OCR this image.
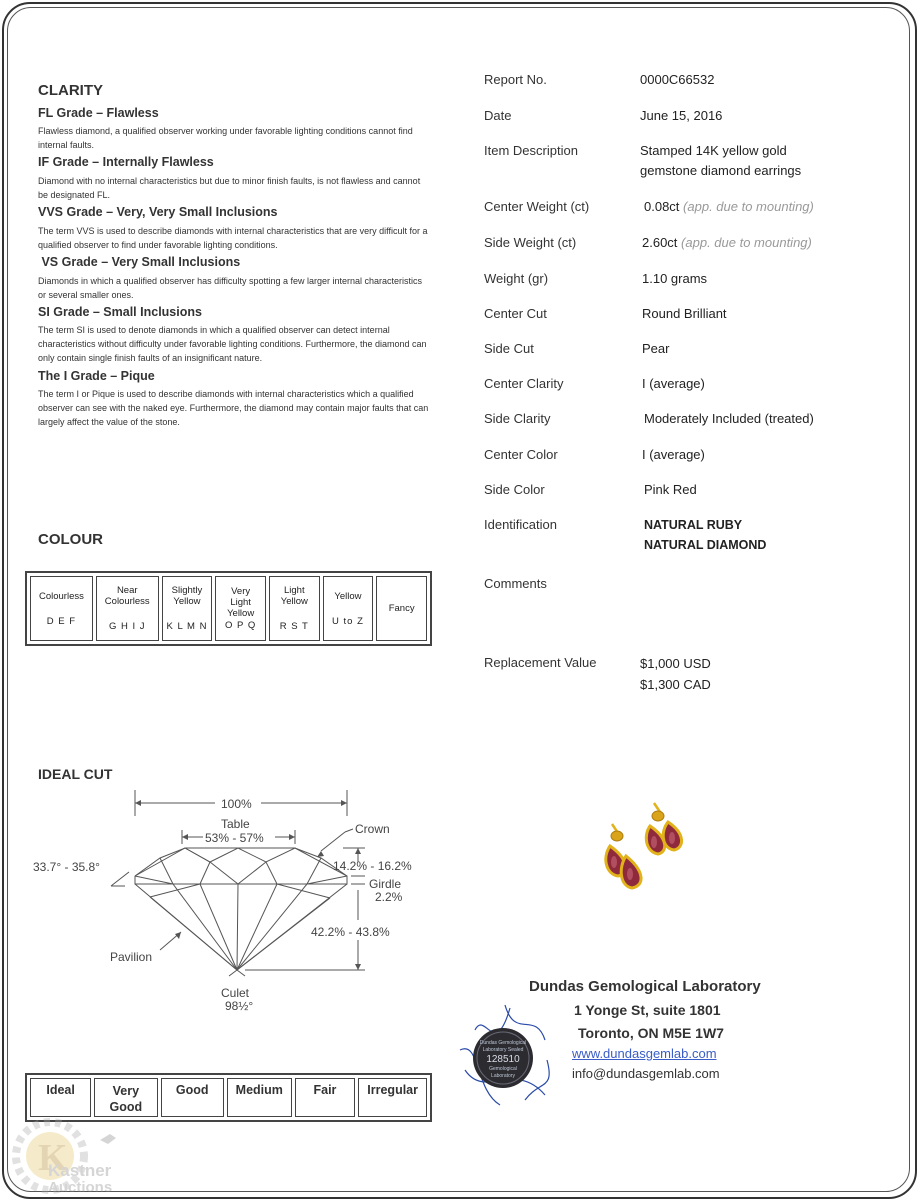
CLARITY
FL Grade – Flawless
Flawless diamond, a qualified observer working under favorable lighting conditions cannot find internal faults.
IF Grade – Internally Flawless
Diamond with no internal characteristics but due to minor finish faults, is not flawless and cannot be designated FL.
VVS Grade – Very, Very Small Inclusions
The term VVS is used to describe diamonds with internal characteristics that are very difficult for a qualified observer to find under favorable lighting conditions.
VS Grade – Very Small Inclusions
Diamonds in which a qualified observer has difficulty spotting a few larger internal characteristics or several smaller ones.
SI Grade – Small Inclusions
The term SI is used to denote diamonds in which a qualified observer can detect internal characteristics without difficulty under favorable lighting conditions. Furthermore, the diamond can only contain single finish faults of an insignificant nature.
The I Grade – Pique
The term I or Pique is used to describe diamonds with internal characteristics which a qualified observer can see with the naked eye. Furthermore, the diamond may contain major faults that can largely affect the value of the stone.
COLOUR
Colourless
D E F

Near
Colourless
G H I J

Slightly
Yellow
K L M N

Very
Light
Yellow
O P Q

Light
Yellow
R S T

Yellow
U to Z

Fancy
IDEAL CUT
100%
Table
53% - 57%
Crown
33.7° - 35.8°	14.2% - 16.2%
Girdle
2.2%
42.2% - 43.8%
Pavilion
Culet
98½°
Ideal	Very
Good	Good	Medium	Fair	Irregular
Report No.	0000C66532
Date	June 15, 2016
Item Description	Stamped 14K yellow gold
gemstone diamond earrings
Center Weight (ct)	0.08ct (app. due to mounting)
Side Weight (ct)	2.60ct (app. due to mounting)
Weight (gr)	1.10 grams
Center Cut	Round Brilliant
Side Cut	Pear
Center Clarity	I (average)
Side Clarity	Moderately Included (treated)
Center Color	I (average)
Side Color	Pink Red
Identification	NATURAL RUBY
NATURAL DIAMOND
Comments
Replacement Value	$1,000 USD
$1,300 CAD
Dundas Gemological Laboratory
1 Yonge St, suite 1801
Toronto, ON M5E 1W7
www.dundasgemlab.com
info@dundasgemlab.com
Dundas Gemological
Laboratory Sealed
128510
Gemological
Laboratory
K
Kastner
Auctions
